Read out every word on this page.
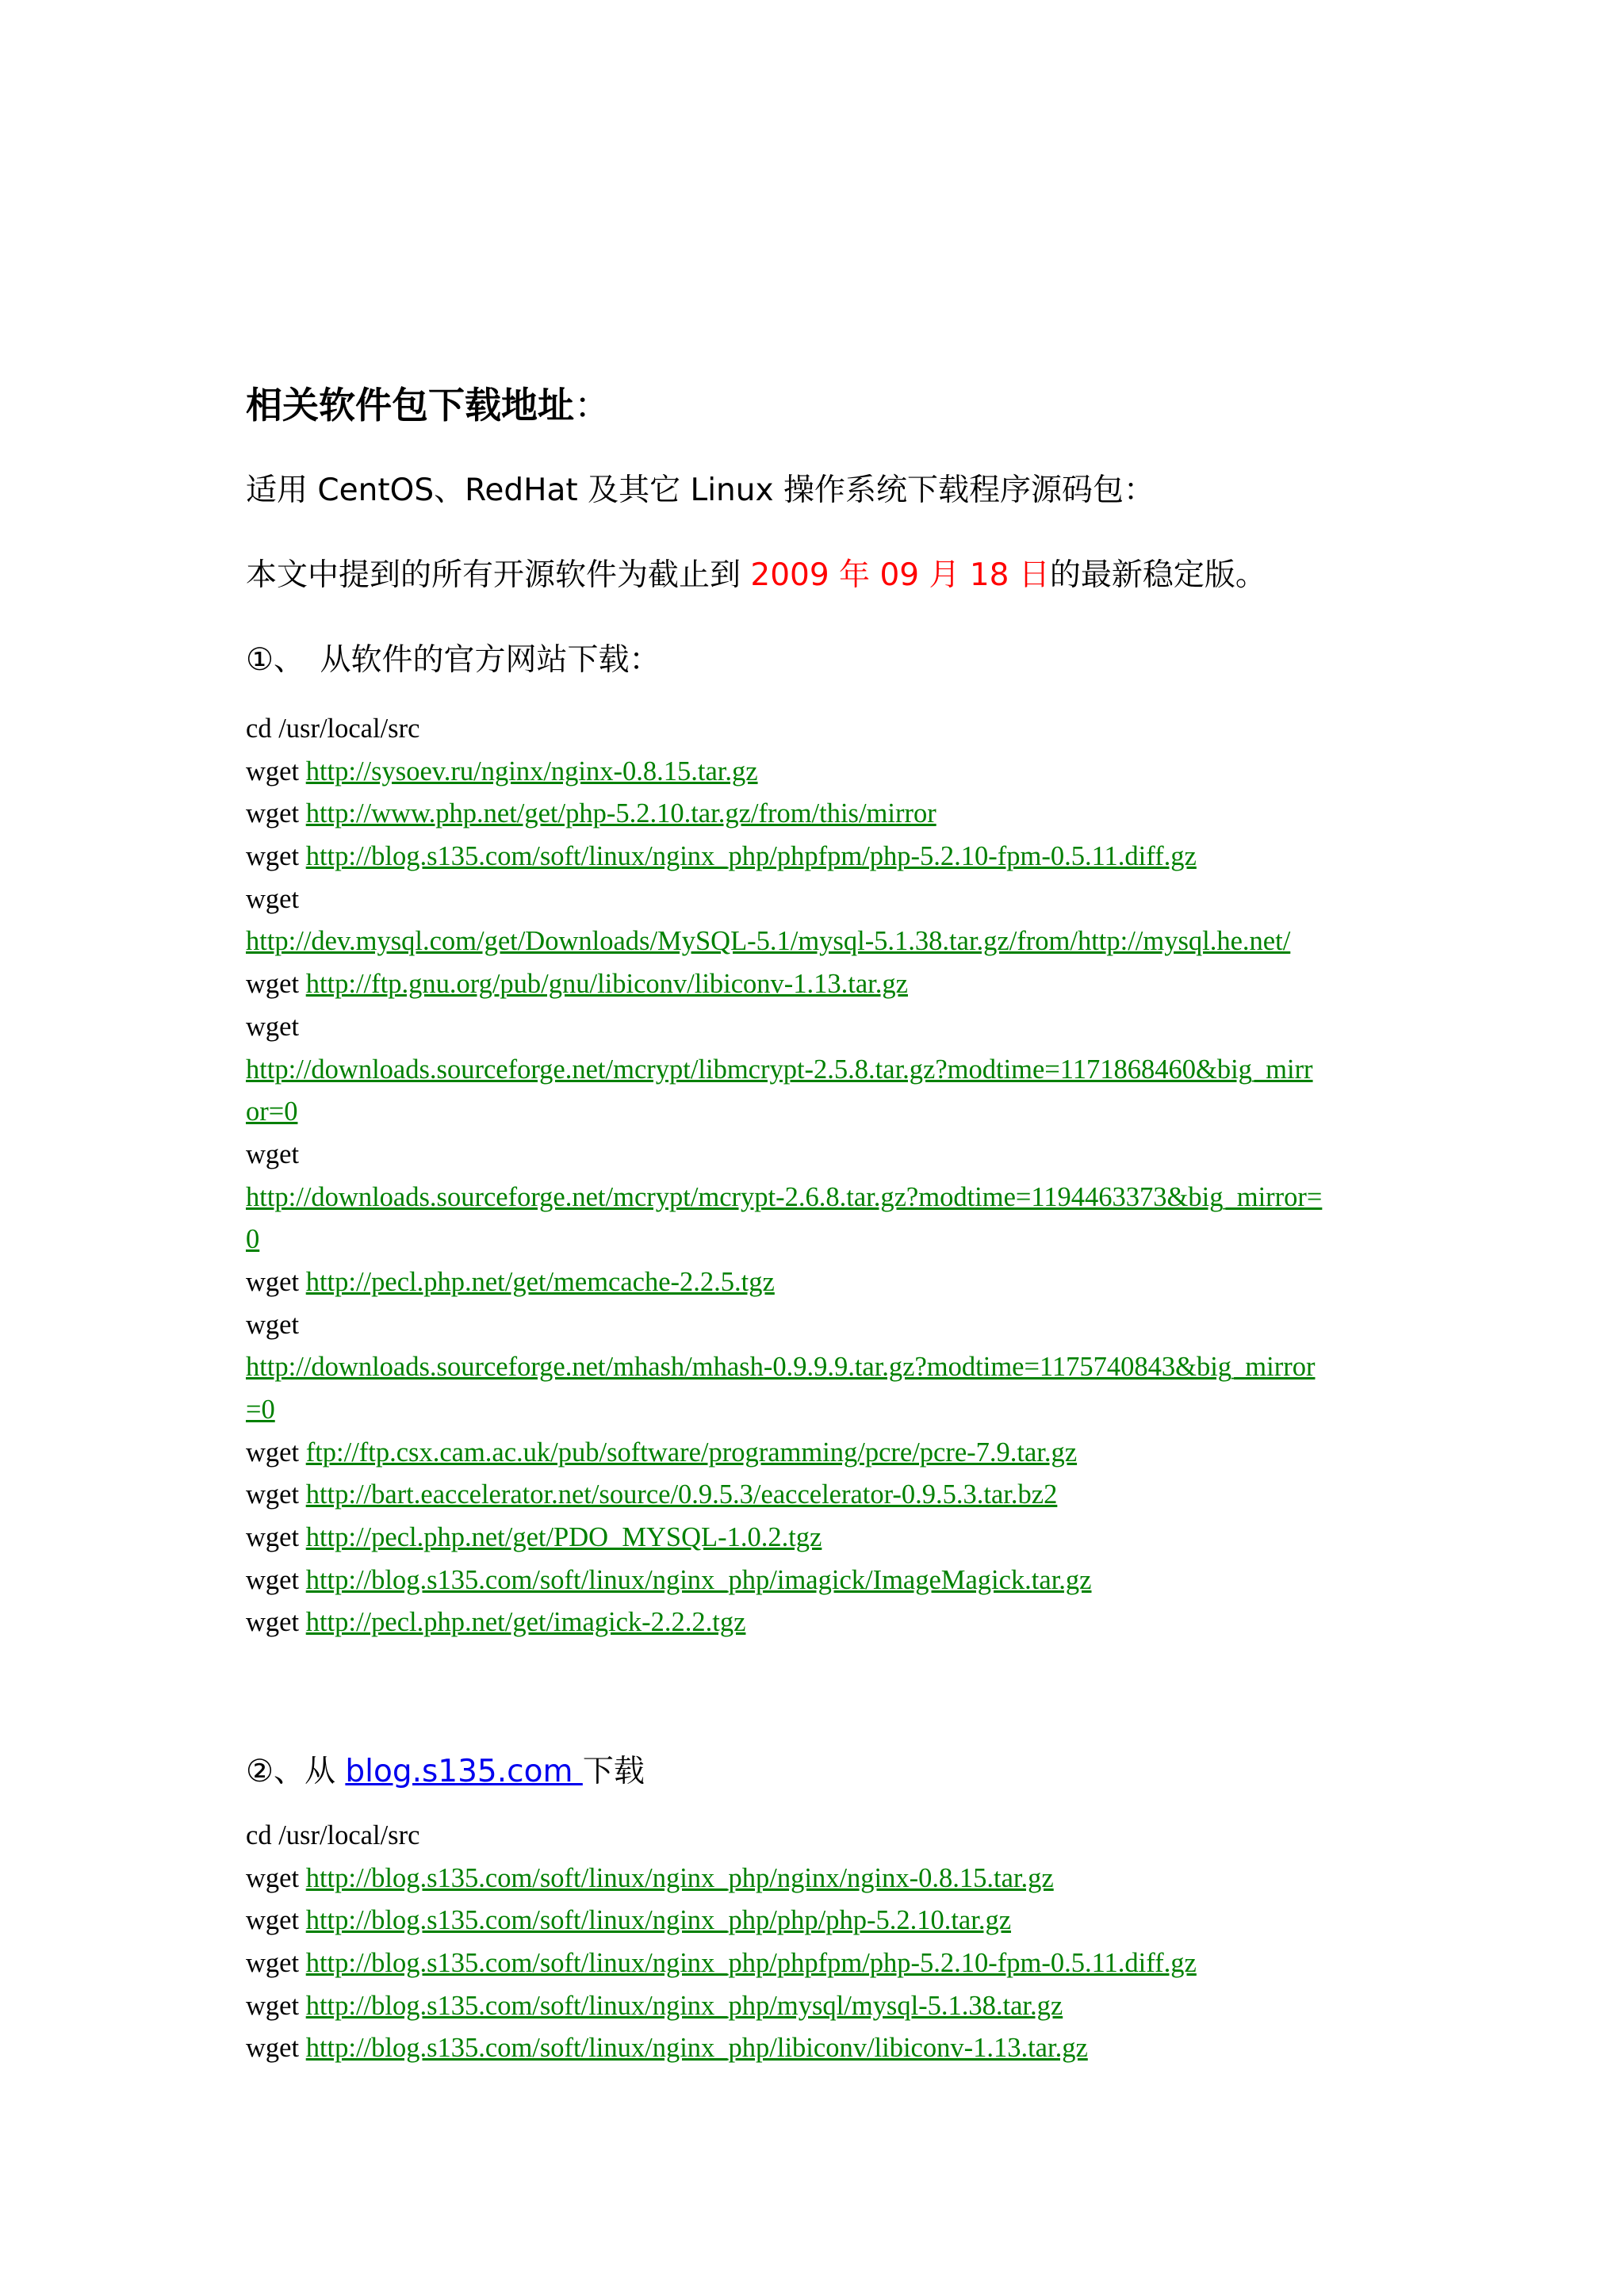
相关软件包下载地址：
适用 CentOS、RedHat 及其它 Linux 操作系统下载程序源码包：
本文中提到的所有开源软件为截止到 2009 年 09 月 18 日的最新稳定版。
①、　从软件的官方网站下载：
cd /usr/local/src
wget http://sysoev.ru/nginx/nginx-0.8.15.tar.gz
wget http://www.php.net/get/php-5.2.10.tar.gz/from/this/mirror
wget http://blog.s135.com/soft/linux/nginx_php/phpfpm/php-5.2.10-fpm-0.5.11.diff.gz
wget
http://dev.mysql.com/get/Downloads/MySQL-5.1/mysql-5.1.38.tar.gz/from/http://mysql.he.net/
wget http://ftp.gnu.org/pub/gnu/libiconv/libiconv-1.13.tar.gz
wget
http://downloads.sourceforge.net/mcrypt/libmcrypt-2.5.8.tar.gz?modtime=1171868460&big_mirr
or=0
wget
http://downloads.sourceforge.net/mcrypt/mcrypt-2.6.8.tar.gz?modtime=1194463373&big_mirror=
0
wget http://pecl.php.net/get/memcache-2.2.5.tgz
wget
http://downloads.sourceforge.net/mhash/mhash-0.9.9.9.tar.gz?modtime=1175740843&big_mirror
=0
wget ftp://ftp.csx.cam.ac.uk/pub/software/programming/pcre/pcre-7.9.tar.gz
wget http://bart.eaccelerator.net/source/0.9.5.3/eaccelerator-0.9.5.3.tar.bz2
wget http://pecl.php.net/get/PDO_MYSQL-1.0.2.tgz
wget http://blog.s135.com/soft/linux/nginx_php/imagick/ImageMagick.tar.gz
wget http://pecl.php.net/get/imagick-2.2.2.tgz
②、从 blog.s135.com 下载
cd /usr/local/src
wget http://blog.s135.com/soft/linux/nginx_php/nginx/nginx-0.8.15.tar.gz
wget http://blog.s135.com/soft/linux/nginx_php/php/php-5.2.10.tar.gz
wget http://blog.s135.com/soft/linux/nginx_php/phpfpm/php-5.2.10-fpm-0.5.11.diff.gz
wget http://blog.s135.com/soft/linux/nginx_php/mysql/mysql-5.1.38.tar.gz
wget http://blog.s135.com/soft/linux/nginx_php/libiconv/libiconv-1.13.tar.gz
